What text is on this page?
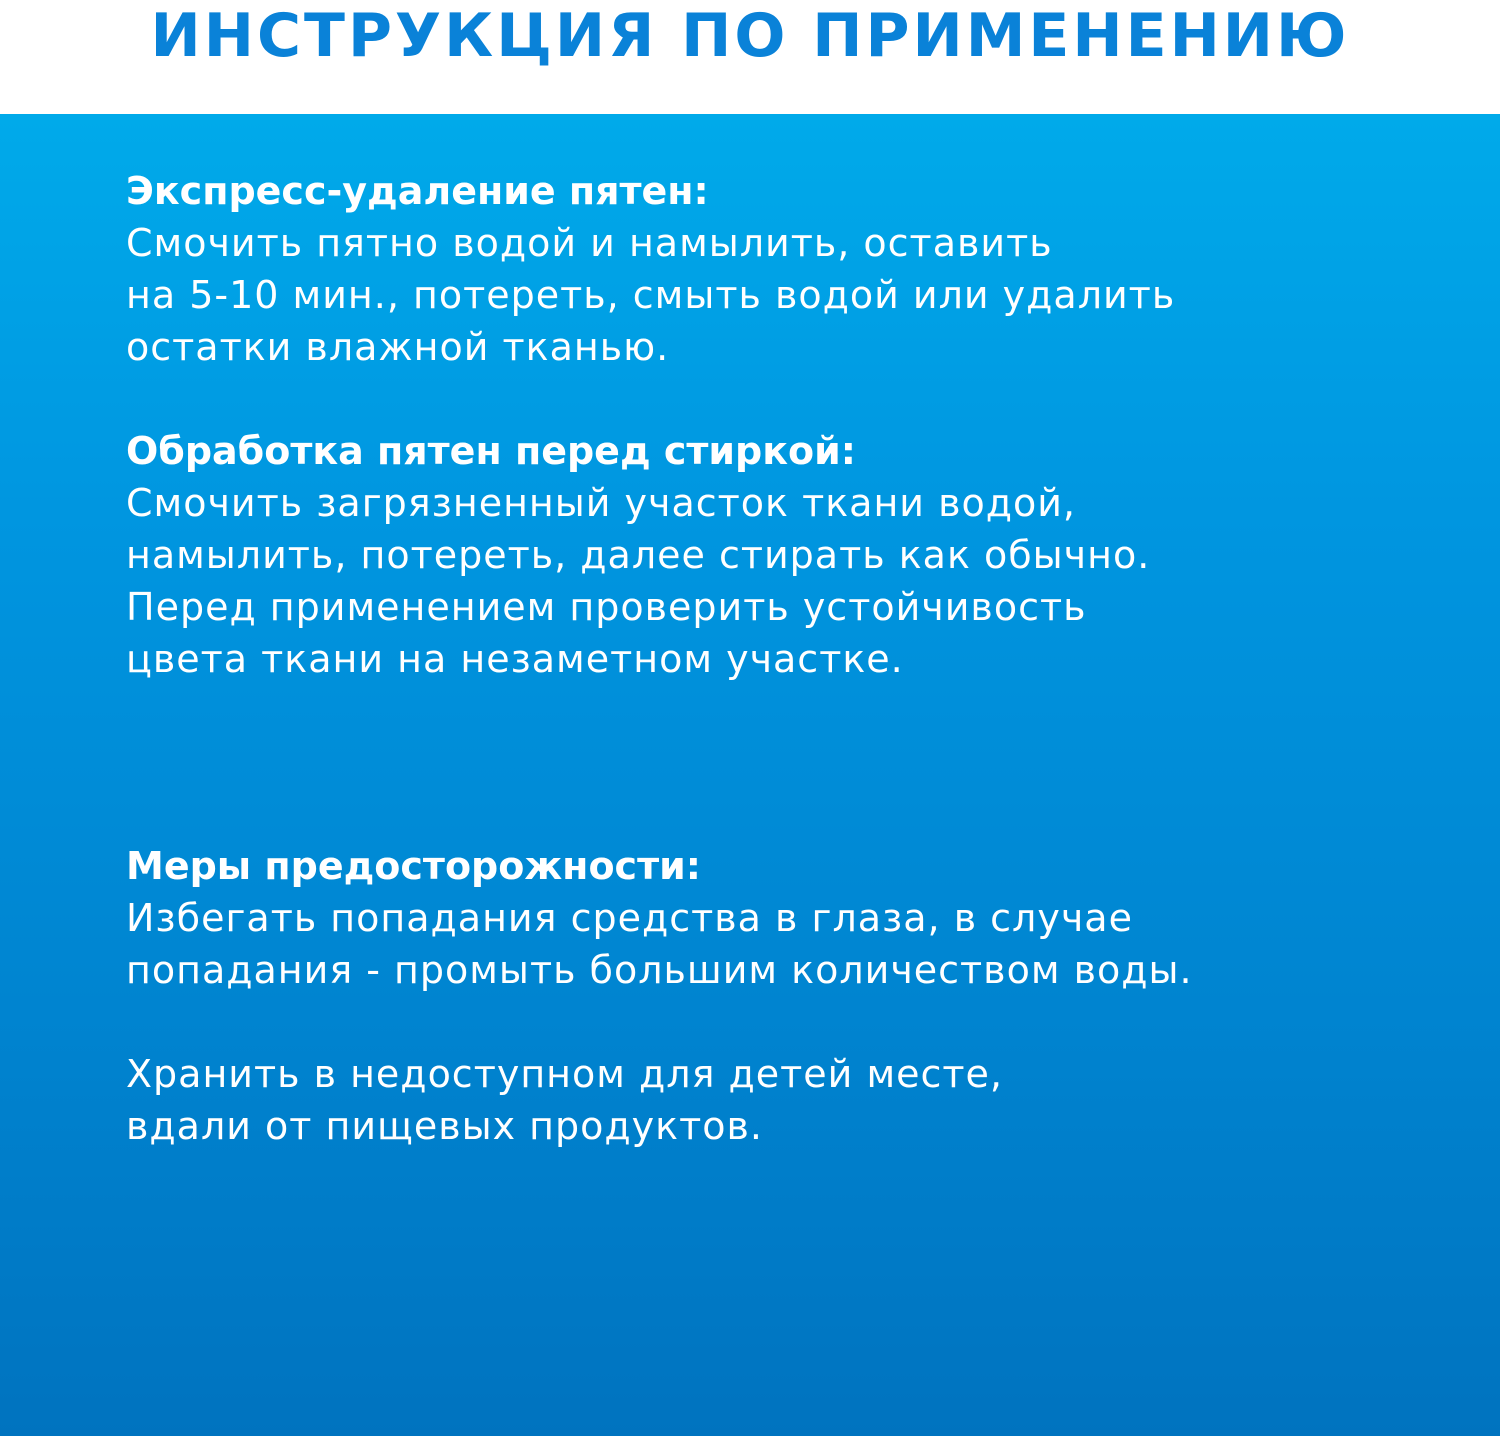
ИНСТРУКЦИЯ ПО ПРИМЕНЕНИЮ
Экспресс-удаление пятен:
Смочить пятно водой и намылить, оставить
на 5-10 мин., потереть, смыть водой или удалить
остатки влажной тканью.
Обработка пятен перед стиркой:
Смочить загрязненный участок ткани водой,
намылить, потереть, далее стирать как обычно.
Перед применением проверить устойчивость
цвета ткани на незаметном участке.
Меры предосторожности:
Избегать попадания средства в глаза, в случае
попадания - промыть большим количеством воды.
Хранить в недоступном для детей месте,
вдали от пищевых продуктов.
